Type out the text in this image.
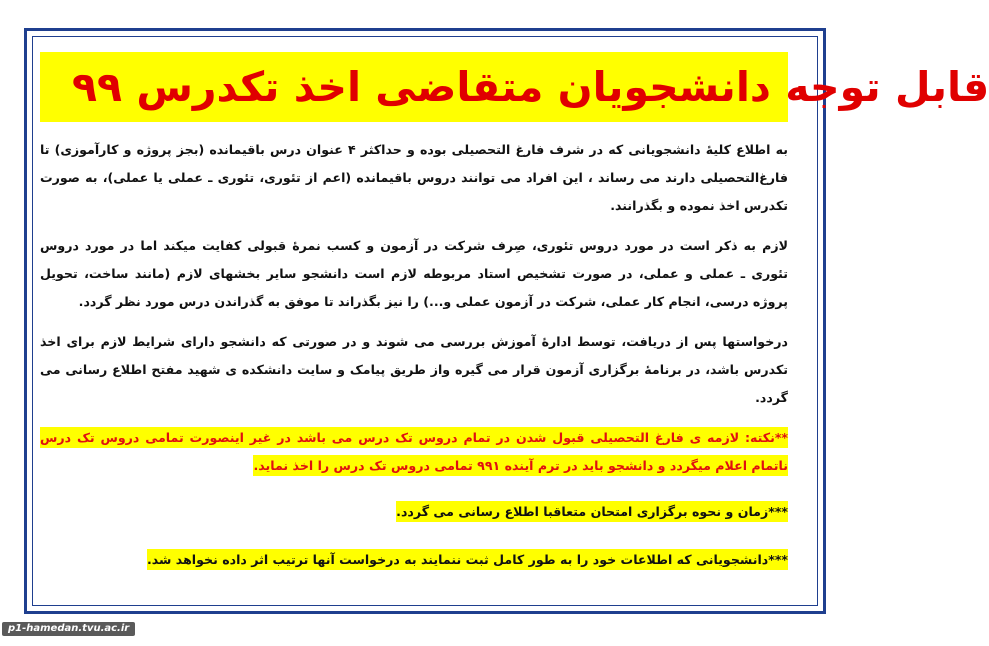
قابل توجه دانشجویان متقاضی اخذ تکدرس ۹۹

به اطلاع کلیهٔ دانشجویانی که در شرف فارغ التحصیلی بوده و حداکثر ۴ عنوان درس باقیمانده (بجز پروژه و کارآموزی) تا فارغ‌التحصیلی دارند می رساند ، این افراد می توانند دروس باقیمانده (اعم از تئوری، تئوری ـ عملی یا عملی)، به صورت تکدرس اخذ نموده و بگذرانند.

لازم به ذکر است در مورد دروس تئوری، صِرف شرکت در آزمون و کسب نمرهٔ قبولی کفایت میکند اما در مورد دروس تئوری ـ عملی و عملی، در صورت تشخیص استاد مربوطه لازم است دانشجو سایر بخشهای لازم (مانند ساخت، تحویل پروژه درسی، انجام کار عملی، شرکت در آزمون عملی و...) را نیز بگذراند تا موفق به گذراندن درس مورد نظر گردد.

درخواستها پس از دریافت، توسط ادارهٔ آموزش بررسی می شوند و در صورتی که دانشجو دارای شرایط لازم برای اخذ تکدرس باشد، در برنامهٔ برگزاری آزمون قرار می گیره واز طریق پیامک و سایت دانشکده ی شهید مفتح اطلاع رسانی می گردد.

**نکته: لازمه ی فارغ التحصیلی قبول شدن در تمام دروس تک درس می باشد در غیر اینصورت تمامی دروس تک درس ناتمام اعلام میگردد و دانشجو باید در ترم آینده ۹۹۱ تمامی دروس تک درس را اخذ نماید.

***زمان و نحوه برگزاری امتحان متعاقبا اطلاع رسانی می گردد.

***دانشجویانی که اطلاعات خود را به طور کامل ثبت ننمایند به درخواست آنها ترتیب اثر داده نخواهد شد.

p1-hamedan.tvu.ac.ir
